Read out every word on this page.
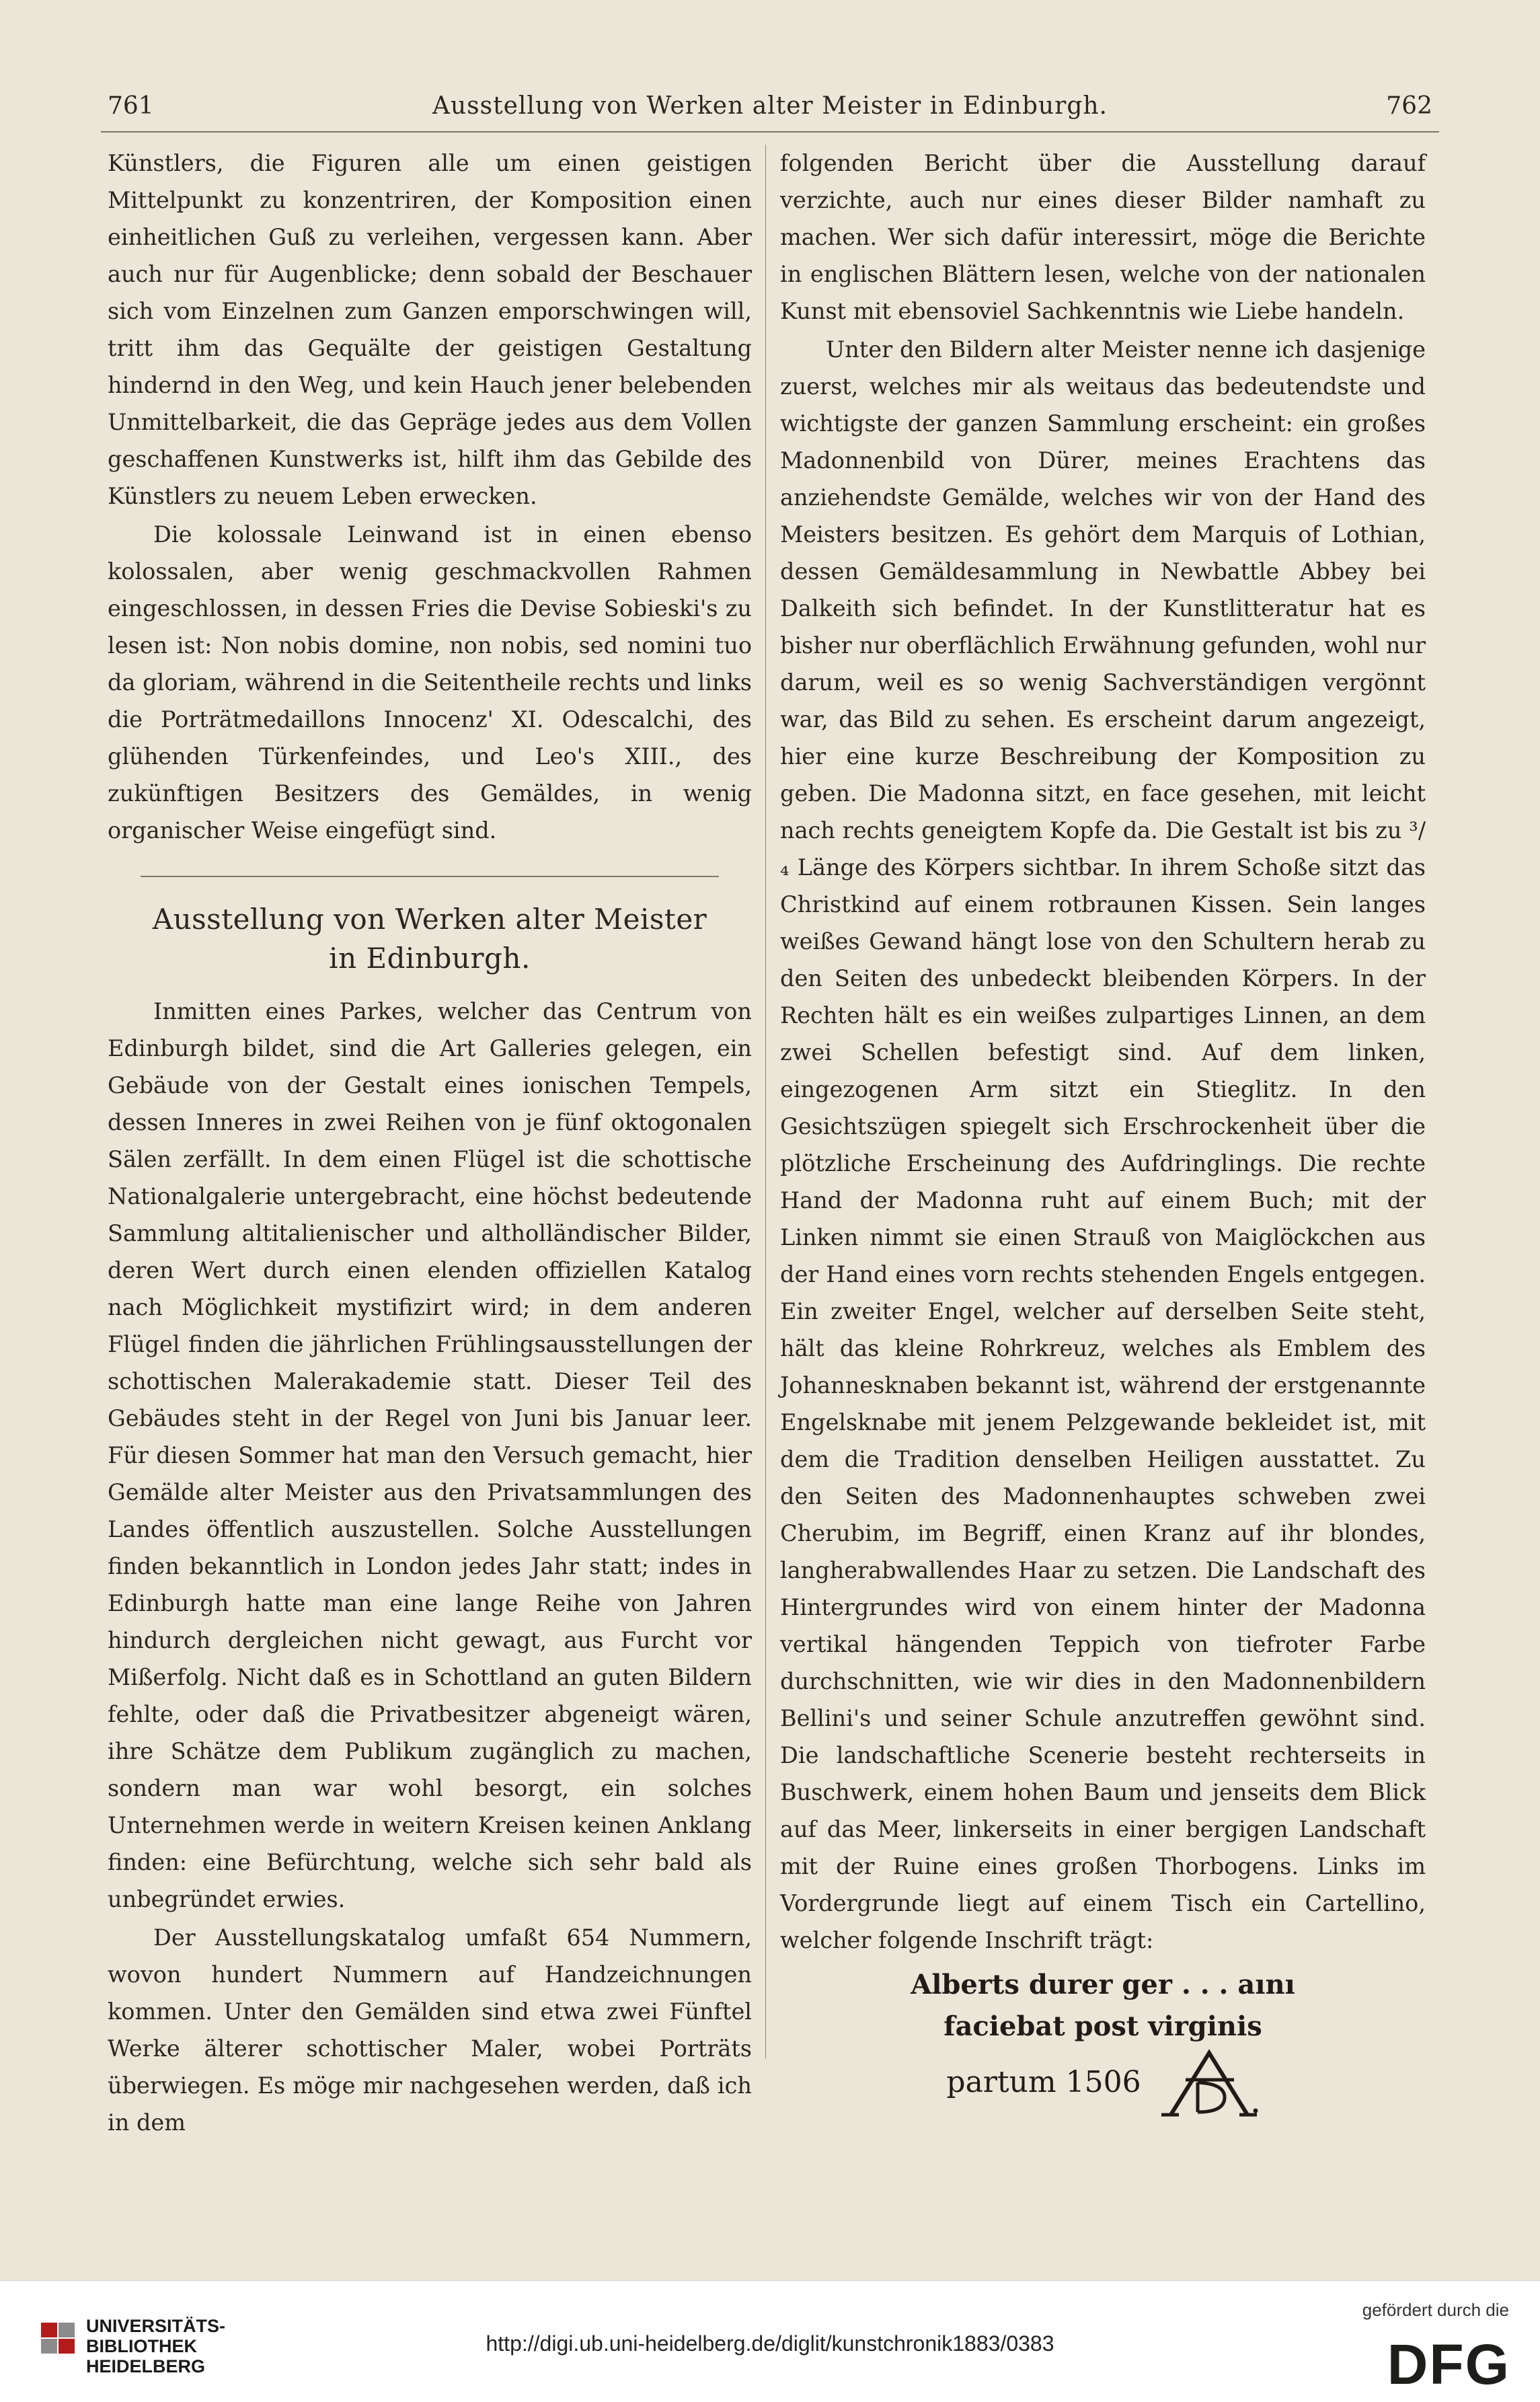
761	Ausstellung von Werken alter Meister in Edinburgh.	762

Künstlers, die Figuren alle um einen geistigen Mittelpunkt zu konzentriren, der Komposition einen einheitlichen Guß zu verleihen, vergessen kann. Aber auch nur für Augenblicke; denn sobald der Beschauer sich vom Einzelnen zum Ganzen emporschwingen will, tritt ihm das Gequälte der geistigen Gestaltung hindernd in den Weg, und kein Hauch jener belebenden Unmittelbarkeit, die das Gepräge jedes aus dem Vollen geschaffenen Kunstwerks ist, hilft ihm das Gebilde des Künstlers zu neuem Leben erwecken.

Die kolossale Leinwand ist in einen ebenso kolossalen, aber wenig geschmackvollen Rahmen eingeschlossen, in dessen Fries die Devise Sobieski's zu lesen ist: Non nobis domine, non nobis, sed nomini tuo da gloriam, während in die Seitentheile rechts und links die Porträtmedaillons Innocenz' XI. Odescalchi, des glühenden Türkenfeindes, und Leo's XIII., des zukünftigen Besitzers des Gemäldes, in wenig organischer Weise eingefügt sind.

Ausstellung von Werken alter Meister
in Edinburgh.

Inmitten eines Parkes, welcher das Centrum von Edinburgh bildet, sind die Art Galleries gelegen, ein Gebäude von der Gestalt eines ionischen Tempels, dessen Inneres in zwei Reihen von je fünf oktogonalen Sälen zerfällt. In dem einen Flügel ist die schottische Nationalgalerie untergebracht, eine höchst bedeutende Sammlung altitalienischer und altholländischer Bilder, deren Wert durch einen elenden offiziellen Katalog nach Möglichkeit mystifizirt wird; in dem anderen Flügel finden die jährlichen Frühlingsausstellungen der schottischen Malerakademie statt. Dieser Teil des Gebäudes steht in der Regel von Juni bis Januar leer. Für diesen Sommer hat man den Versuch gemacht, hier Gemälde alter Meister aus den Privatsammlungen des Landes öffentlich auszustellen. Solche Ausstellungen finden bekanntlich in London jedes Jahr statt; indes in Edinburgh hatte man eine lange Reihe von Jahren hindurch dergleichen nicht gewagt, aus Furcht vor Mißerfolg. Nicht daß es in Schottland an guten Bildern fehlte, oder daß die Privatbesitzer abgeneigt wären, ihre Schätze dem Publikum zugänglich zu machen, sondern man war wohl besorgt, ein solches Unternehmen werde in weitern Kreisen keinen Anklang finden: eine Befürchtung, welche sich sehr bald als unbegründet erwies.

Der Ausstellungskatalog umfaßt 654 Nummern, wovon hundert Nummern auf Handzeichnungen kommen. Unter den Gemälden sind etwa zwei Fünftel Werke älterer schottischer Maler, wobei Porträts überwiegen. Es möge mir nachgesehen werden, daß ich in dem

folgenden Bericht über die Ausstellung darauf verzichte, auch nur eines dieser Bilder namhaft zu machen. Wer sich dafür interessirt, möge die Berichte in englischen Blättern lesen, welche von der nationalen Kunst mit ebensoviel Sachkenntnis wie Liebe handeln.

Unter den Bildern alter Meister nenne ich dasjenige zuerst, welches mir als weitaus das bedeutendste und wichtigste der ganzen Sammlung erscheint: ein großes Madonnenbild von Dürer, meines Erachtens das anziehendste Gemälde, welches wir von der Hand des Meisters besitzen. Es gehört dem Marquis of Lothian, dessen Gemäldesammlung in Newbattle Abbey bei Dalkeith sich befindet. In der Kunstlitteratur hat es bisher nur oberflächlich Erwähnung gefunden, wohl nur darum, weil es so wenig Sachverständigen vergönnt war, das Bild zu sehen. Es erscheint darum angezeigt, hier eine kurze Beschreibung der Komposition zu geben. Die Madonna sitzt, en face gesehen, mit leicht nach rechts geneigtem Kopfe da. Die Gestalt ist bis zu ³/₄ Länge des Körpers sichtbar. In ihrem Schoße sitzt das Christkind auf einem rotbraunen Kissen. Sein langes weißes Gewand hängt lose von den Schultern herab zu den Seiten des unbedeckt bleibenden Körpers. In der Rechten hält es ein weißes zulpartiges Linnen, an dem zwei Schellen befestigt sind. Auf dem linken, eingezogenen Arm sitzt ein Stieglitz. In den Gesichtszügen spiegelt sich Erschrockenheit über die plötzliche Erscheinung des Aufdringlings. Die rechte Hand der Madonna ruht auf einem Buch; mit der Linken nimmt sie einen Strauß von Maiglöckchen aus der Hand eines vorn rechts stehenden Engels entgegen. Ein zweiter Engel, welcher auf derselben Seite steht, hält das kleine Rohrkreuz, welches als Emblem des Johannesknaben bekannt ist, während der erstgenannte Engelsknabe mit jenem Pelzgewande bekleidet ist, mit dem die Tradition denselben Heiligen ausstattet. Zu den Seiten des Madonnenhauptes schweben zwei Cherubim, im Begriff, einen Kranz auf ihr blondes, langherabwallendes Haar zu setzen. Die Landschaft des Hintergrundes wird von einem hinter der Madonna vertikal hängenden Teppich von tiefroter Farbe durchschnitten, wie wir dies in den Madonnenbildern Bellini's und seiner Schule anzutreffen gewöhnt sind. Die landschaftliche Scenerie besteht rechterseits in Buschwerk, einem hohen Baum und jenseits dem Blick auf das Meer, linkerseits in einer bergigen Landschaft mit der Ruine eines großen Thorbogens. Links im Vordergrunde liegt auf einem Tisch ein Cartellino, welcher folgende Inschrift trägt:

Alberts durer ger . . . aını
faciebat post virginis
partum 1506
UNIVERSITÄTS-
BIBLIOTHEK
HEIDELBERG
http://digi.ub.uni-heidelberg.de/diglit/kunstchronik1883/0383
gefördert durch die
DFG
